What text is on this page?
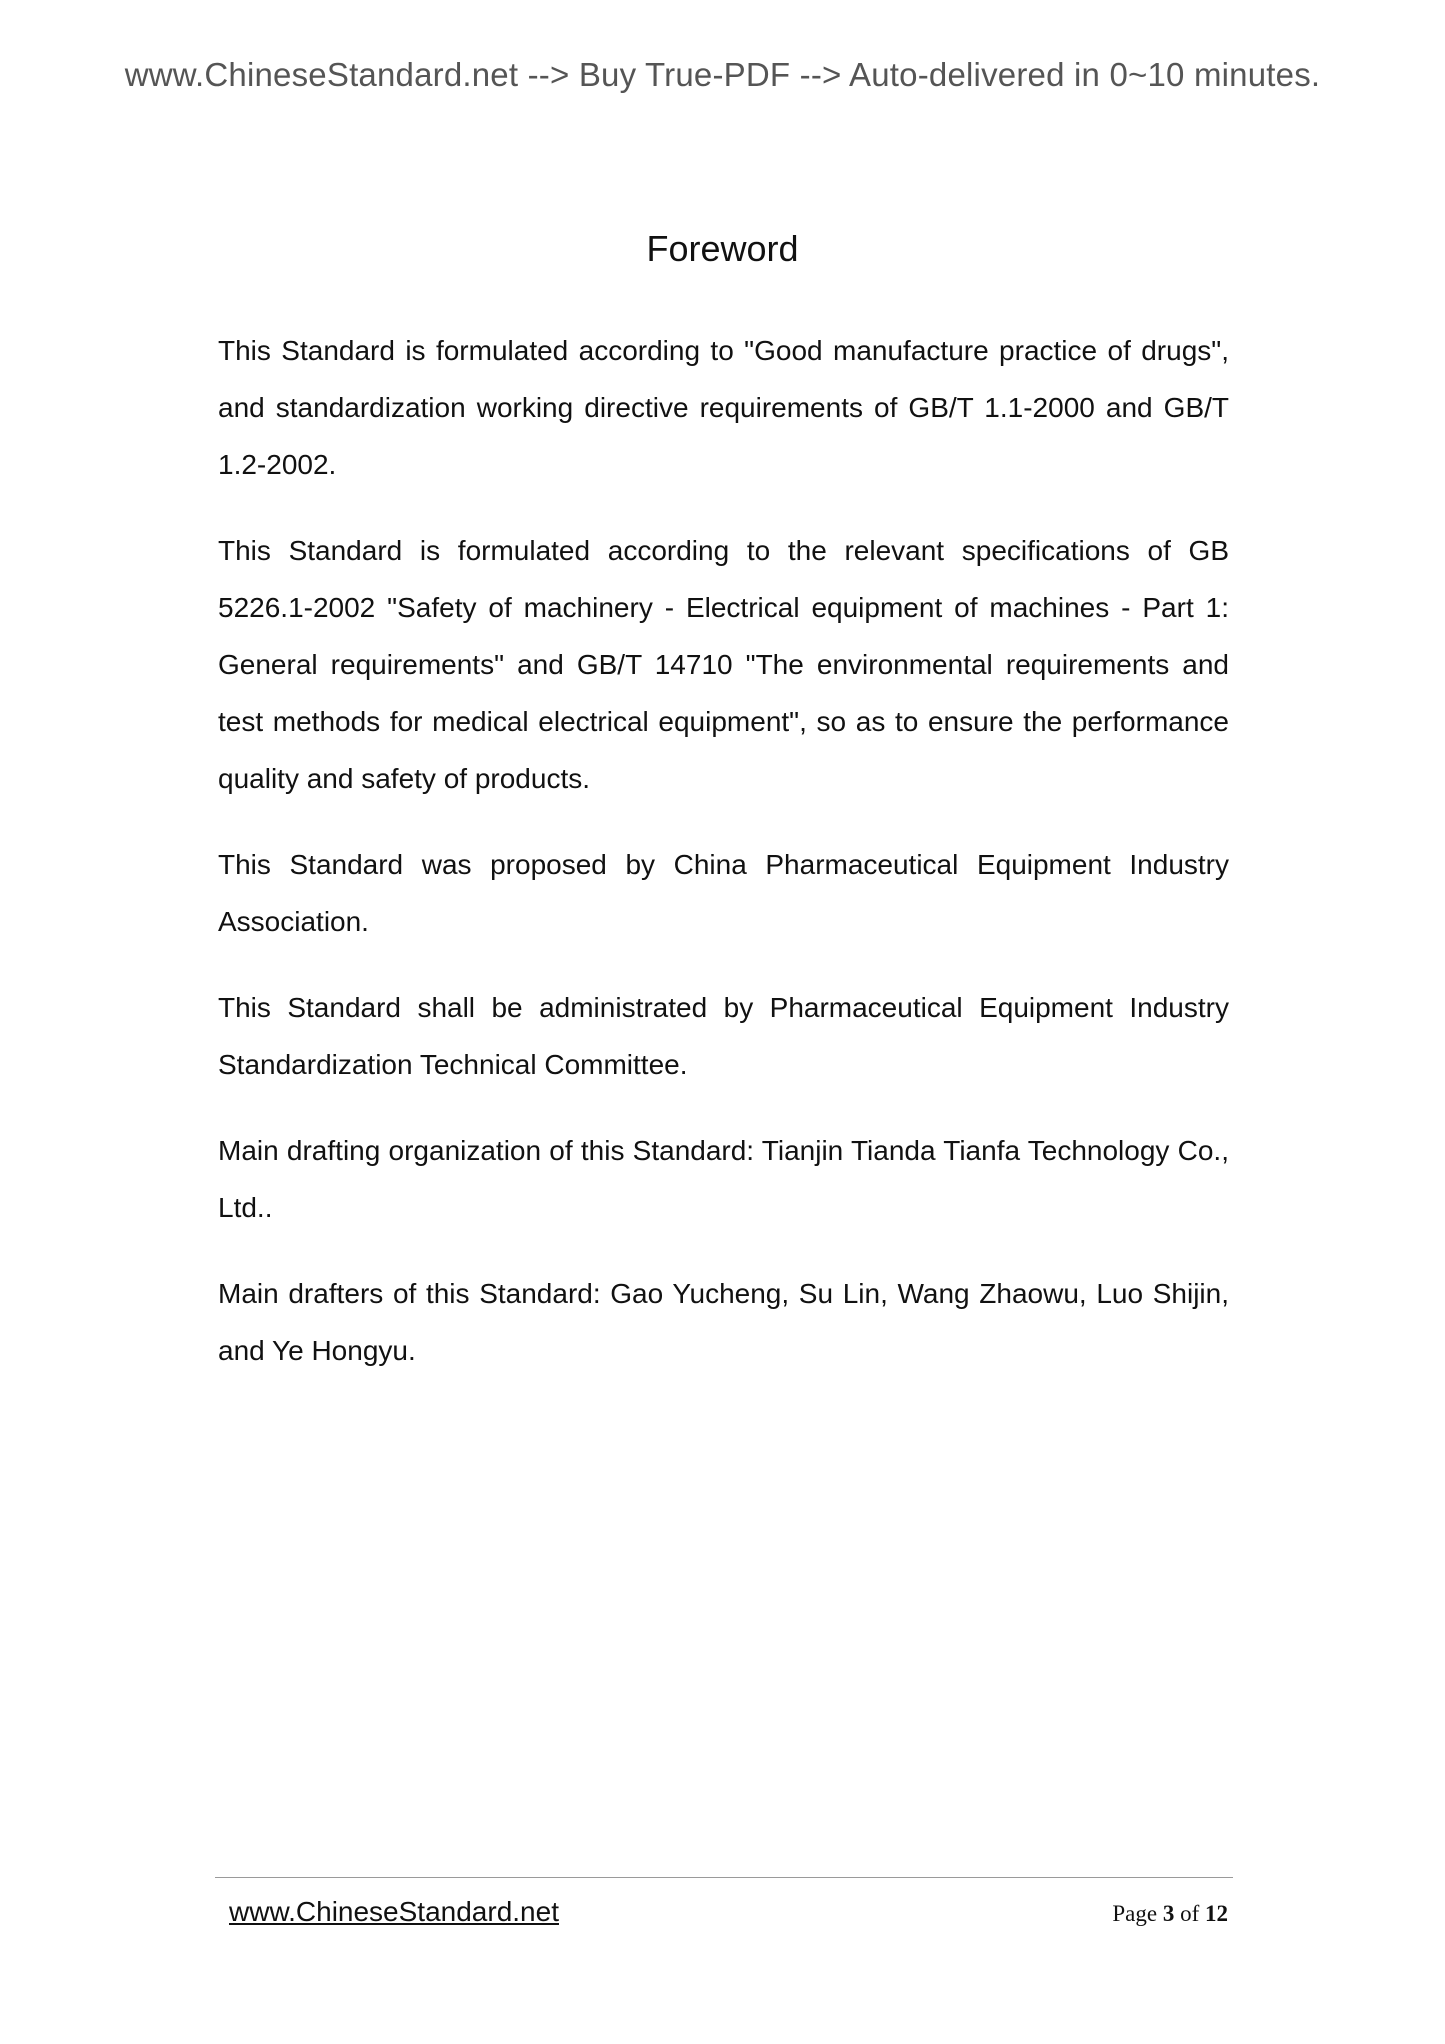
www.ChineseStandard.net --> Buy True-PDF --> Auto-delivered in 0~10 minutes.
Foreword

This Standard is formulated according to "Good manufacture practice of drugs", and standardization working directive requirements of GB/T 1.1-2000 and GB/T 1.2-2002.

This Standard is formulated according to the relevant specifications of GB 5226.1-2002 "Safety of machinery - Electrical equipment of machines - Part 1: General requirements" and GB/T 14710 "The environmental requirements and test methods for medical electrical equipment", so as to ensure the performance quality and safety of products.

This Standard was proposed by China Pharmaceutical Equipment Industry Association.

This Standard shall be administrated by Pharmaceutical Equipment Industry Standardization Technical Committee.

Main drafting organization of this Standard: Tianjin Tianda Tianfa Technology Co., Ltd..

Main drafters of this Standard: Gao Yucheng, Su Lin, Wang Zhaowu, Luo Shijin, and Ye Hongyu.

www.ChineseStandard.net	Page 3 of 12
